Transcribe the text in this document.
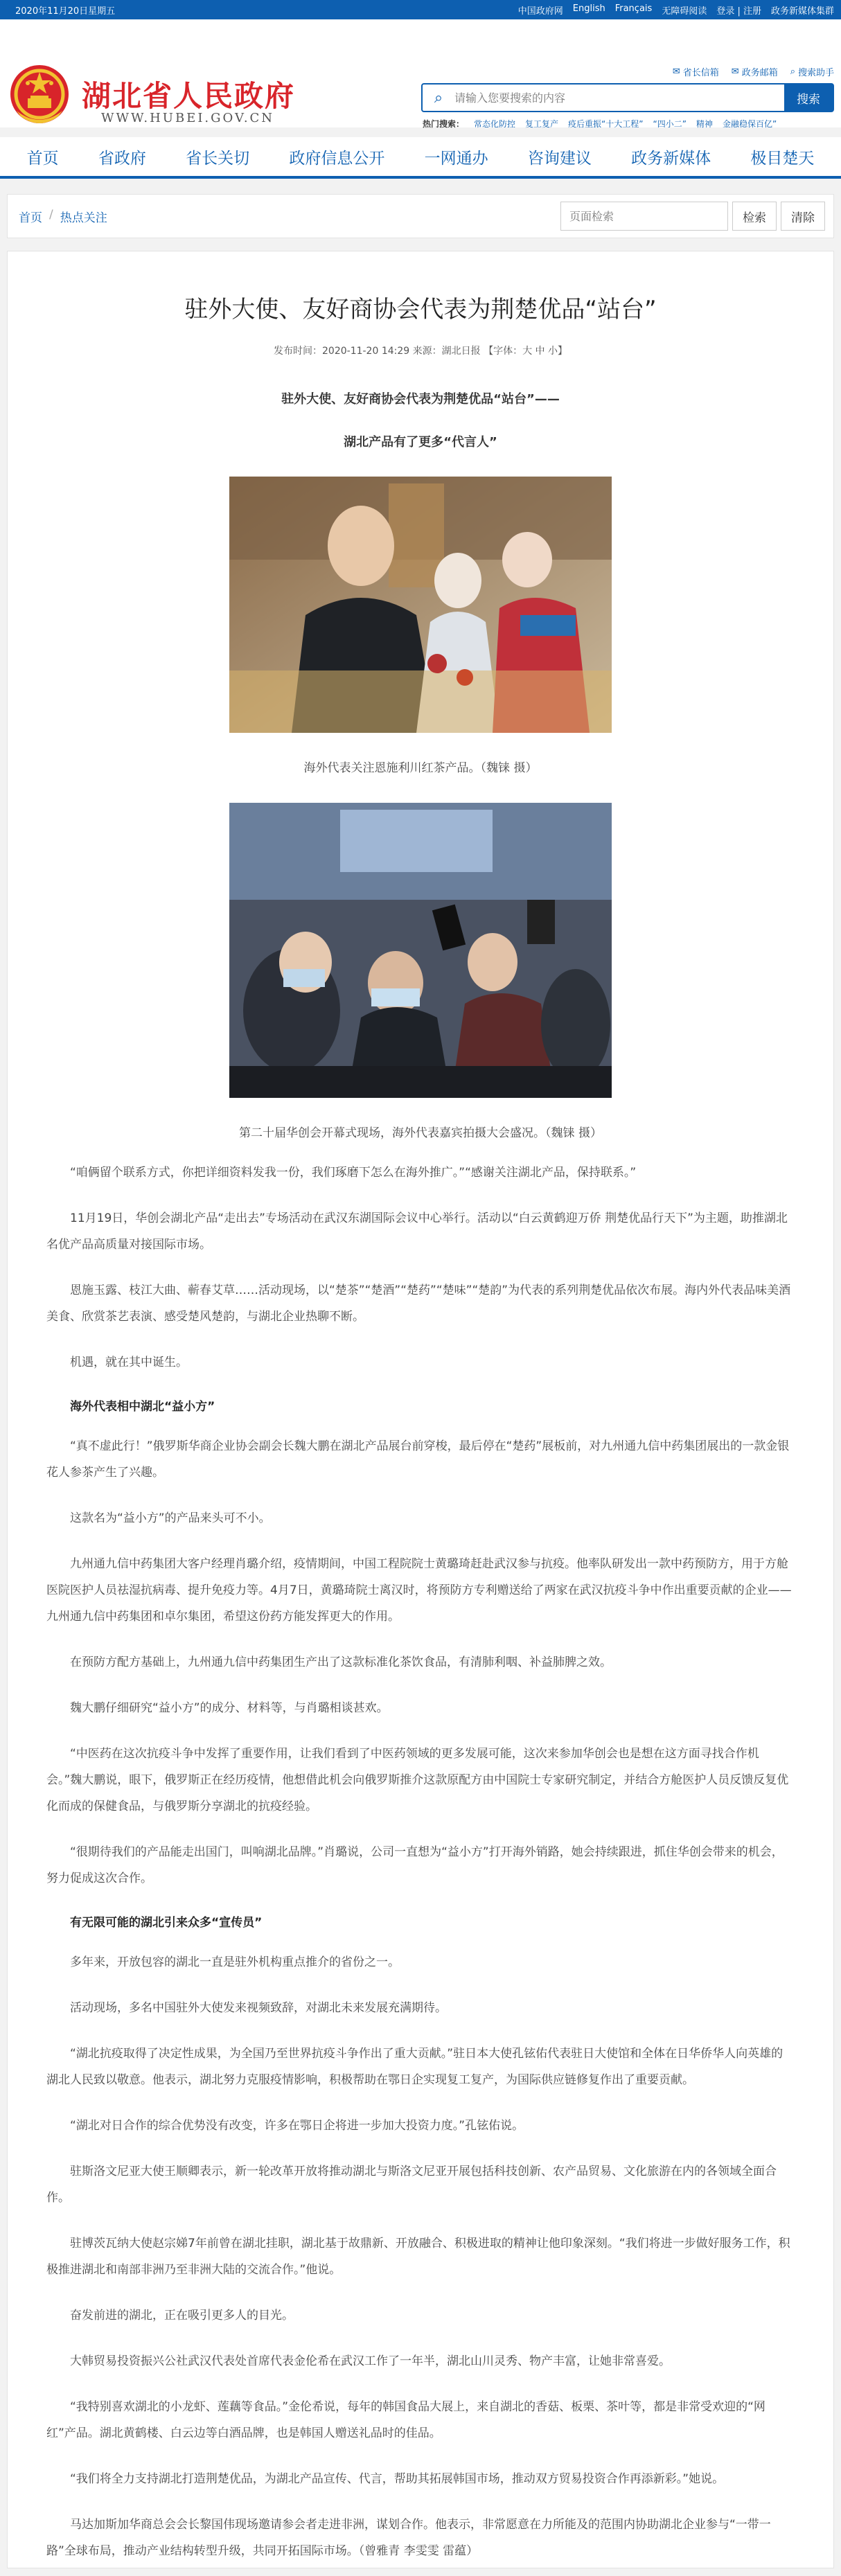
2020年11月20日星期五	中国政府网 English Français 无障碍阅读 登录 | 注册 政务新媒体集群
湖北省人民政府
WWW.HUBEI.GOV.CN
✉ 省长信箱 ✉ 政务邮箱 ⌕ 搜索助手
⌕
请输入您要搜索的内容	搜索
热门搜索： 常态化防控 复工复产 疫后重振“十大工程” “四小二” 精神 金融稳保百亿”
首页 省政府 省长关切 政府信息公开 一网通办 咨询建议 政务新媒体 极目楚天
首页 / 热点关注
页面检索	检索	清除
驻外大使、友好商协会代表为荆楚优品“站台”
发布时间：2020-11-20 14:29 来源：湖北日报 【字体：大 中 小】
驻外大使、友好商协会代表为荆楚优品“站台”——
湖北产品有了更多“代言人”
海外代表关注恩施利川红茶产品。（魏铼 摄）
第二十届华创会开幕式现场，海外代表嘉宾拍摄大会盛况。（魏铼 摄）

“咱俩留个联系方式，你把详细资料发我一份，我们琢磨下怎么在海外推广。”“感谢关注湖北产品，保持联系。”

11月19日，华创会湖北产品“走出去”专场活动在武汉东湖国际会议中心举行。活动以“白云黄鹤迎万侨 荆楚优品行天下”为主题，助推湖北名优产品高质量对接国际市场。

恩施玉露、枝江大曲、蕲春艾草……活动现场，以“楚茶”“楚酒”“楚药”“楚味”“楚韵”为代表的系列荆楚优品依次布展。海内外代表品味美酒美食、欣赏茶艺表演、感受楚风楚韵，与湖北企业热聊不断。

机遇，就在其中诞生。

海外代表相中湖北“益小方”

“真不虚此行！”俄罗斯华商企业协会副会长魏大鹏在湖北产品展台前穿梭，最后停在“楚药”展板前，对九州通九信中药集团展出的一款金银花人参茶产生了兴趣。

这款名为“益小方”的产品来头可不小。

九州通九信中药集团大客户经理肖璐介绍，疫情期间，中国工程院院士黄璐琦赶赴武汉参与抗疫。他率队研发出一款中药预防方，用于方舱医院医护人员祛湿抗病毒、提升免疫力等。4月7日，黄璐琦院士离汉时，将预防方专利赠送给了两家在武汉抗疫斗争中作出重要贡献的企业——九州通九信中药集团和卓尔集团，希望这份药方能发挥更大的作用。

在预防方配方基础上，九州通九信中药集团生产出了这款标准化茶饮食品，有清肺利咽、补益肺脾之效。

魏大鹏仔细研究“益小方”的成分、材料等，与肖璐相谈甚欢。

“中医药在这次抗疫斗争中发挥了重要作用，让我们看到了中医药领域的更多发展可能，这次来参加华创会也是想在这方面寻找合作机会。”魏大鹏说，眼下，俄罗斯正在经历疫情，他想借此机会向俄罗斯推介这款原配方由中国院士专家研究制定，并结合方舱医护人员反馈反复优化而成的保健食品，与俄罗斯分享湖北的抗疫经验。

“很期待我们的产品能走出国门，叫响湖北品牌。”肖璐说，公司一直想为“益小方”打开海外销路，她会持续跟进，抓住华创会带来的机会，努力促成这次合作。

有无限可能的湖北引来众多“宣传员”

多年来，开放包容的湖北一直是驻外机构重点推介的省份之一。

活动现场，多名中国驻外大使发来视频致辞，对湖北未来发展充满期待。

“湖北抗疫取得了决定性成果，为全国乃至世界抗疫斗争作出了重大贡献。”驻日本大使孔铉佑代表驻日大使馆和全体在日华侨华人向英雄的湖北人民致以敬意。他表示，湖北努力克服疫情影响，积极帮助在鄂日企实现复工复产，为国际供应链修复作出了重要贡献。

“湖北对日合作的综合优势没有改变，许多在鄂日企将进一步加大投资力度。”孔铉佑说。

驻斯洛文尼亚大使王顺卿表示，新一轮改革开放将推动湖北与斯洛文尼亚开展包括科技创新、农产品贸易、文化旅游在内的各领域全面合作。

驻博茨瓦纳大使赵宗娣7年前曾在湖北挂职，湖北基于故鼎新、开放融合、积极进取的精神让他印象深刻。“我们将进一步做好服务工作，积极推进湖北和南部非洲乃至非洲大陆的交流合作。”他说。

奋发前进的湖北，正在吸引更多人的目光。

大韩贸易投资振兴公社武汉代表处首席代表金伦希在武汉工作了一年半，湖北山川灵秀、物产丰富，让她非常喜爱。

“我特别喜欢湖北的小龙虾、莲藕等食品。”金伦希说，每年的韩国食品大展上，来自湖北的香菇、板栗、茶叶等，都是非常受欢迎的“网红”产品。湖北黄鹤楼、白云边等白酒品牌，也是韩国人赠送礼品时的佳品。

“我们将全力支持湖北打造荆楚优品，为湖北产品宣传、代言，帮助其拓展韩国市场，推动双方贸易投资合作再添新彩。”她说。

马达加斯加华商总会会长黎国伟现场邀请参会者走进非洲，谋划合作。他表示，非常愿意在力所能及的范围内协助湖北企业参与“一带一路”全球布局，推动产业结构转型升级，共同开拓国际市场。（曾雅青 李雯雯 雷蕴）
